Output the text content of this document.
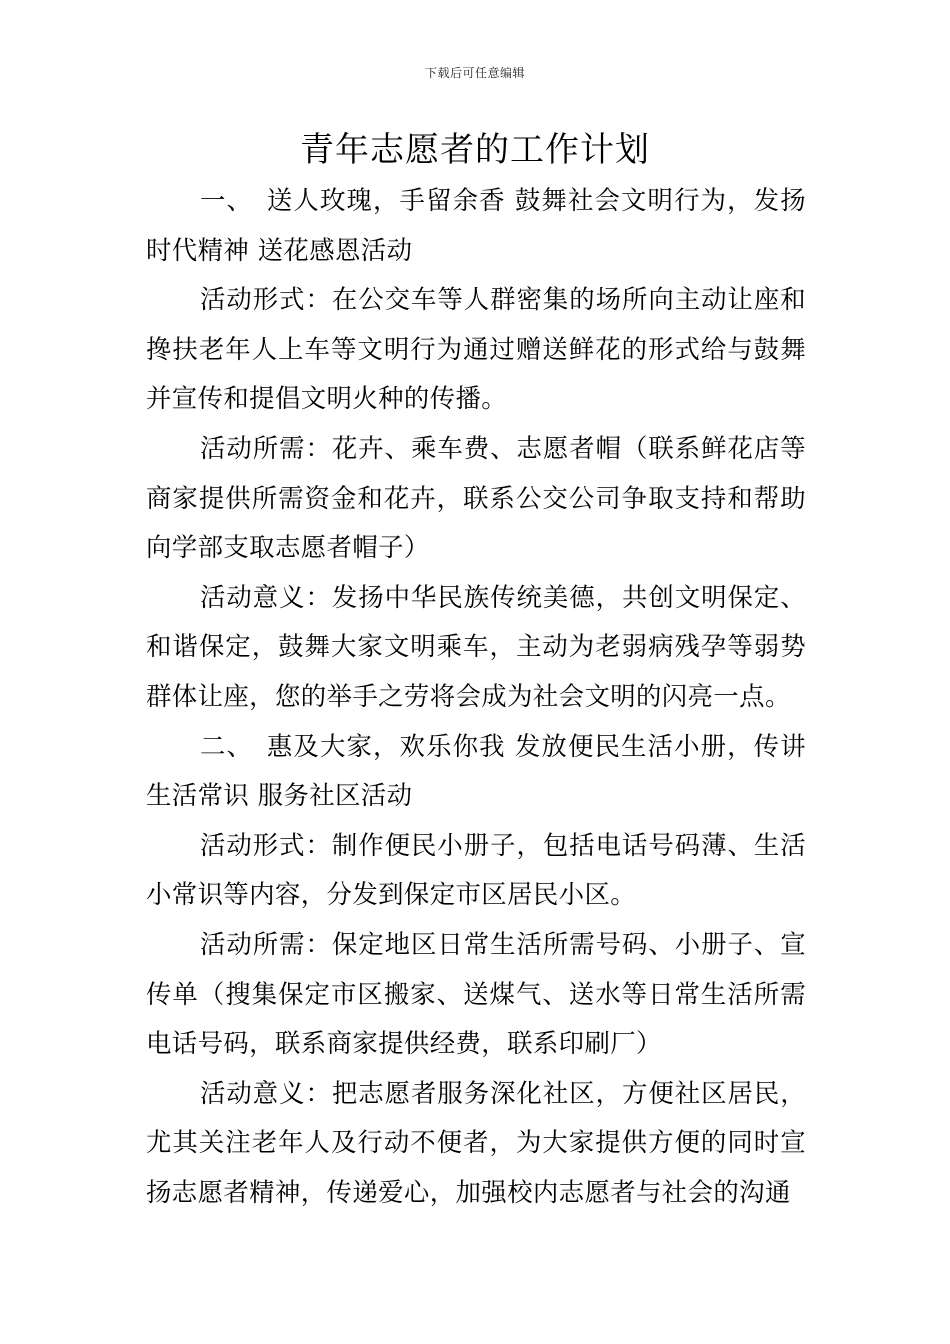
下载后可任意编辑
青年志愿者的工作计划

一、　送人玫瑰，手留余香 鼓舞社会文明行为，发扬时代精神 送花感恩活动

活动形式：在公交车等人群密集的场所向主动让座和搀扶老年人上车等文明行为通过赠送鲜花的形式给与鼓舞并宣传和提倡文明火种的传播。

活动所需：花卉、乘车费、志愿者帽（联系鲜花店等商家提供所需资金和花卉，联系公交公司争取支持和帮助向学部支取志愿者帽子）

活动意义：发扬中华民族传统美德，共创文明保定、和谐保定，鼓舞大家文明乘车，主动为老弱病残孕等弱势群体让座，您的举手之劳将会成为社会文明的闪亮一点。

二、　惠及大家，欢乐你我 发放便民生活小册，传讲生活常识 服务社区活动

活动形式：制作便民小册子，包括电话号码薄、生活小常识等内容，分发到保定市区居民小区。

活动所需：保定地区日常生活所需号码、小册子、宣传单（搜集保定市区搬家、送煤气、送水等日常生活所需电话号码，联系商家提供经费，联系印刷厂）

活动意义：把志愿者服务深化社区，方便社区居民，尤其关注老年人及行动不便者，为大家提供方便的同时宣扬志愿者精神，传递爱心，加强校内志愿者与社会的沟通
